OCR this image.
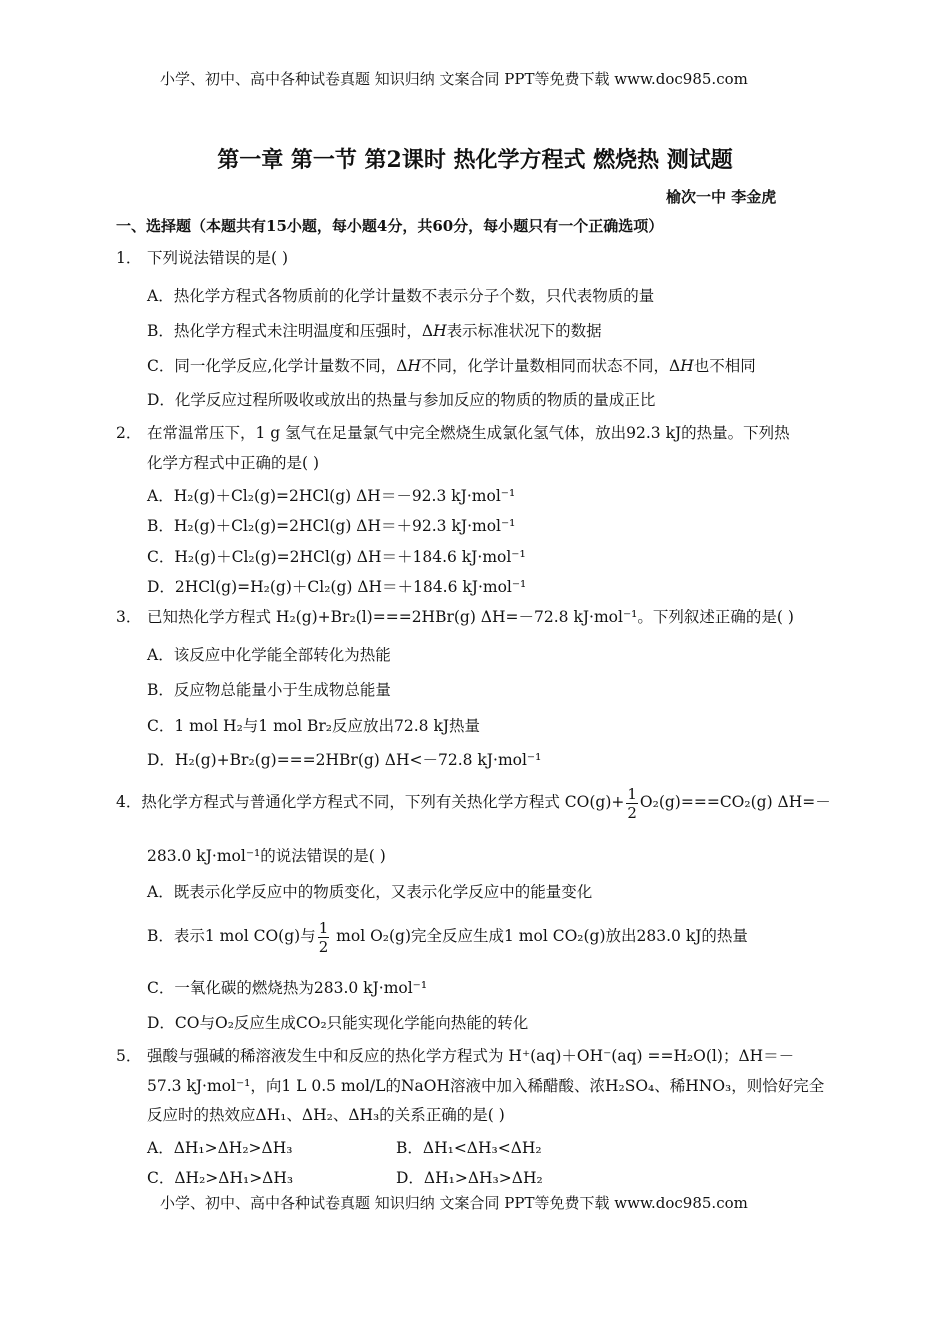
小学、初中、高中各种试卷真题 知识归纳 文案合同 PPT等免费下载 www.doc985.com
第一章 第一节 第2课时 热化学方程式 燃烧热 测试题
榆次一中 李金虎
一、选择题（本题共有15小题，每小题4分，共60分，每小题只有一个正确选项）
1． 下列说法错误的是( )
A．热化学方程式各物质前的化学计量数不表示分子个数，只代表物质的量
B．热化学方程式未注明温度和压强时，ΔH表示标准状况下的数据
C．同一化学反应,化学计量数不同，ΔH不同，化学计量数相同而状态不同，ΔH也不相同
D．化学反应过程所吸收或放出的热量与参加反应的物质的物质的量成正比
2． 在常温常压下，1 g 氢气在足量氯气中完全燃烧生成氯化氢气体，放出92.3 kJ的热量。下列热
化学方程式中正确的是( )
A．H₂(g)＋Cl₂(g)=2HCl(g) ΔH＝－92.3 kJ·mol⁻¹
B．H₂(g)＋Cl₂(g)=2HCl(g) ΔH＝＋92.3 kJ·mol⁻¹
C．H₂(g)＋Cl₂(g)=2HCl(g) ΔH＝＋184.6 kJ·mol⁻¹
D．2HCl(g)=H₂(g)＋Cl₂(g) ΔH＝＋184.6 kJ·mol⁻¹
3． 已知热化学方程式 H₂(g)+Br₂(l)===2HBr(g) ΔH=－72.8 kJ·mol⁻¹。下列叙述正确的是( )
A．该反应中化学能全部转化为热能
B．反应物总能量小于生成物总能量
C．1 mol H₂与1 mol Br₂反应放出72.8 kJ热量
D．H₂(g)+Br₂(g)===2HBr(g) ΔH<－72.8 kJ·mol⁻¹
4．热化学方程式与普通化学方程式不同，下列有关热化学方程式 $CO(g)+ \frac{1}{2} O_2(g)===CO_2(g)$ ΔH=－
283.0 kJ·mol⁻¹的说法错误的是( )
A．既表示化学反应中的物质变化，又表示化学反应中的能量变化
B．表示1 mol CO(g)与 $\frac{1}{2}$ mol O₂(g)完全反应生成1 mol CO₂(g)放出283.0 kJ的热量
C．一氧化碳的燃烧热为283.0 kJ·mol⁻¹
D．CO与O₂反应生成CO₂只能实现化学能向热能的转化
5． 强酸与强碱的稀溶液发生中和反应的热化学方程式为 H⁺(aq)＋OH⁻(aq) ==H₂O(l)；ΔH＝－
57.3 kJ·mol⁻¹，向1 L 0.5 mol/L的NaOH溶液中加入稀醋酸、浓H₂SO₄、稀HNO₃，则恰好完全
反应时的热效应ΔH₁、ΔH₂、ΔH₃的关系正确的是( )
A．ΔH₁>ΔH₂>ΔH₃	B．ΔH₁<ΔH₃<ΔH₂
C．ΔH₂>ΔH₁>ΔH₃	D．ΔH₁>ΔH₃>ΔH₂
小学、初中、高中各种试卷真题 知识归纳 文案合同 PPT等免费下载 www.doc985.com
